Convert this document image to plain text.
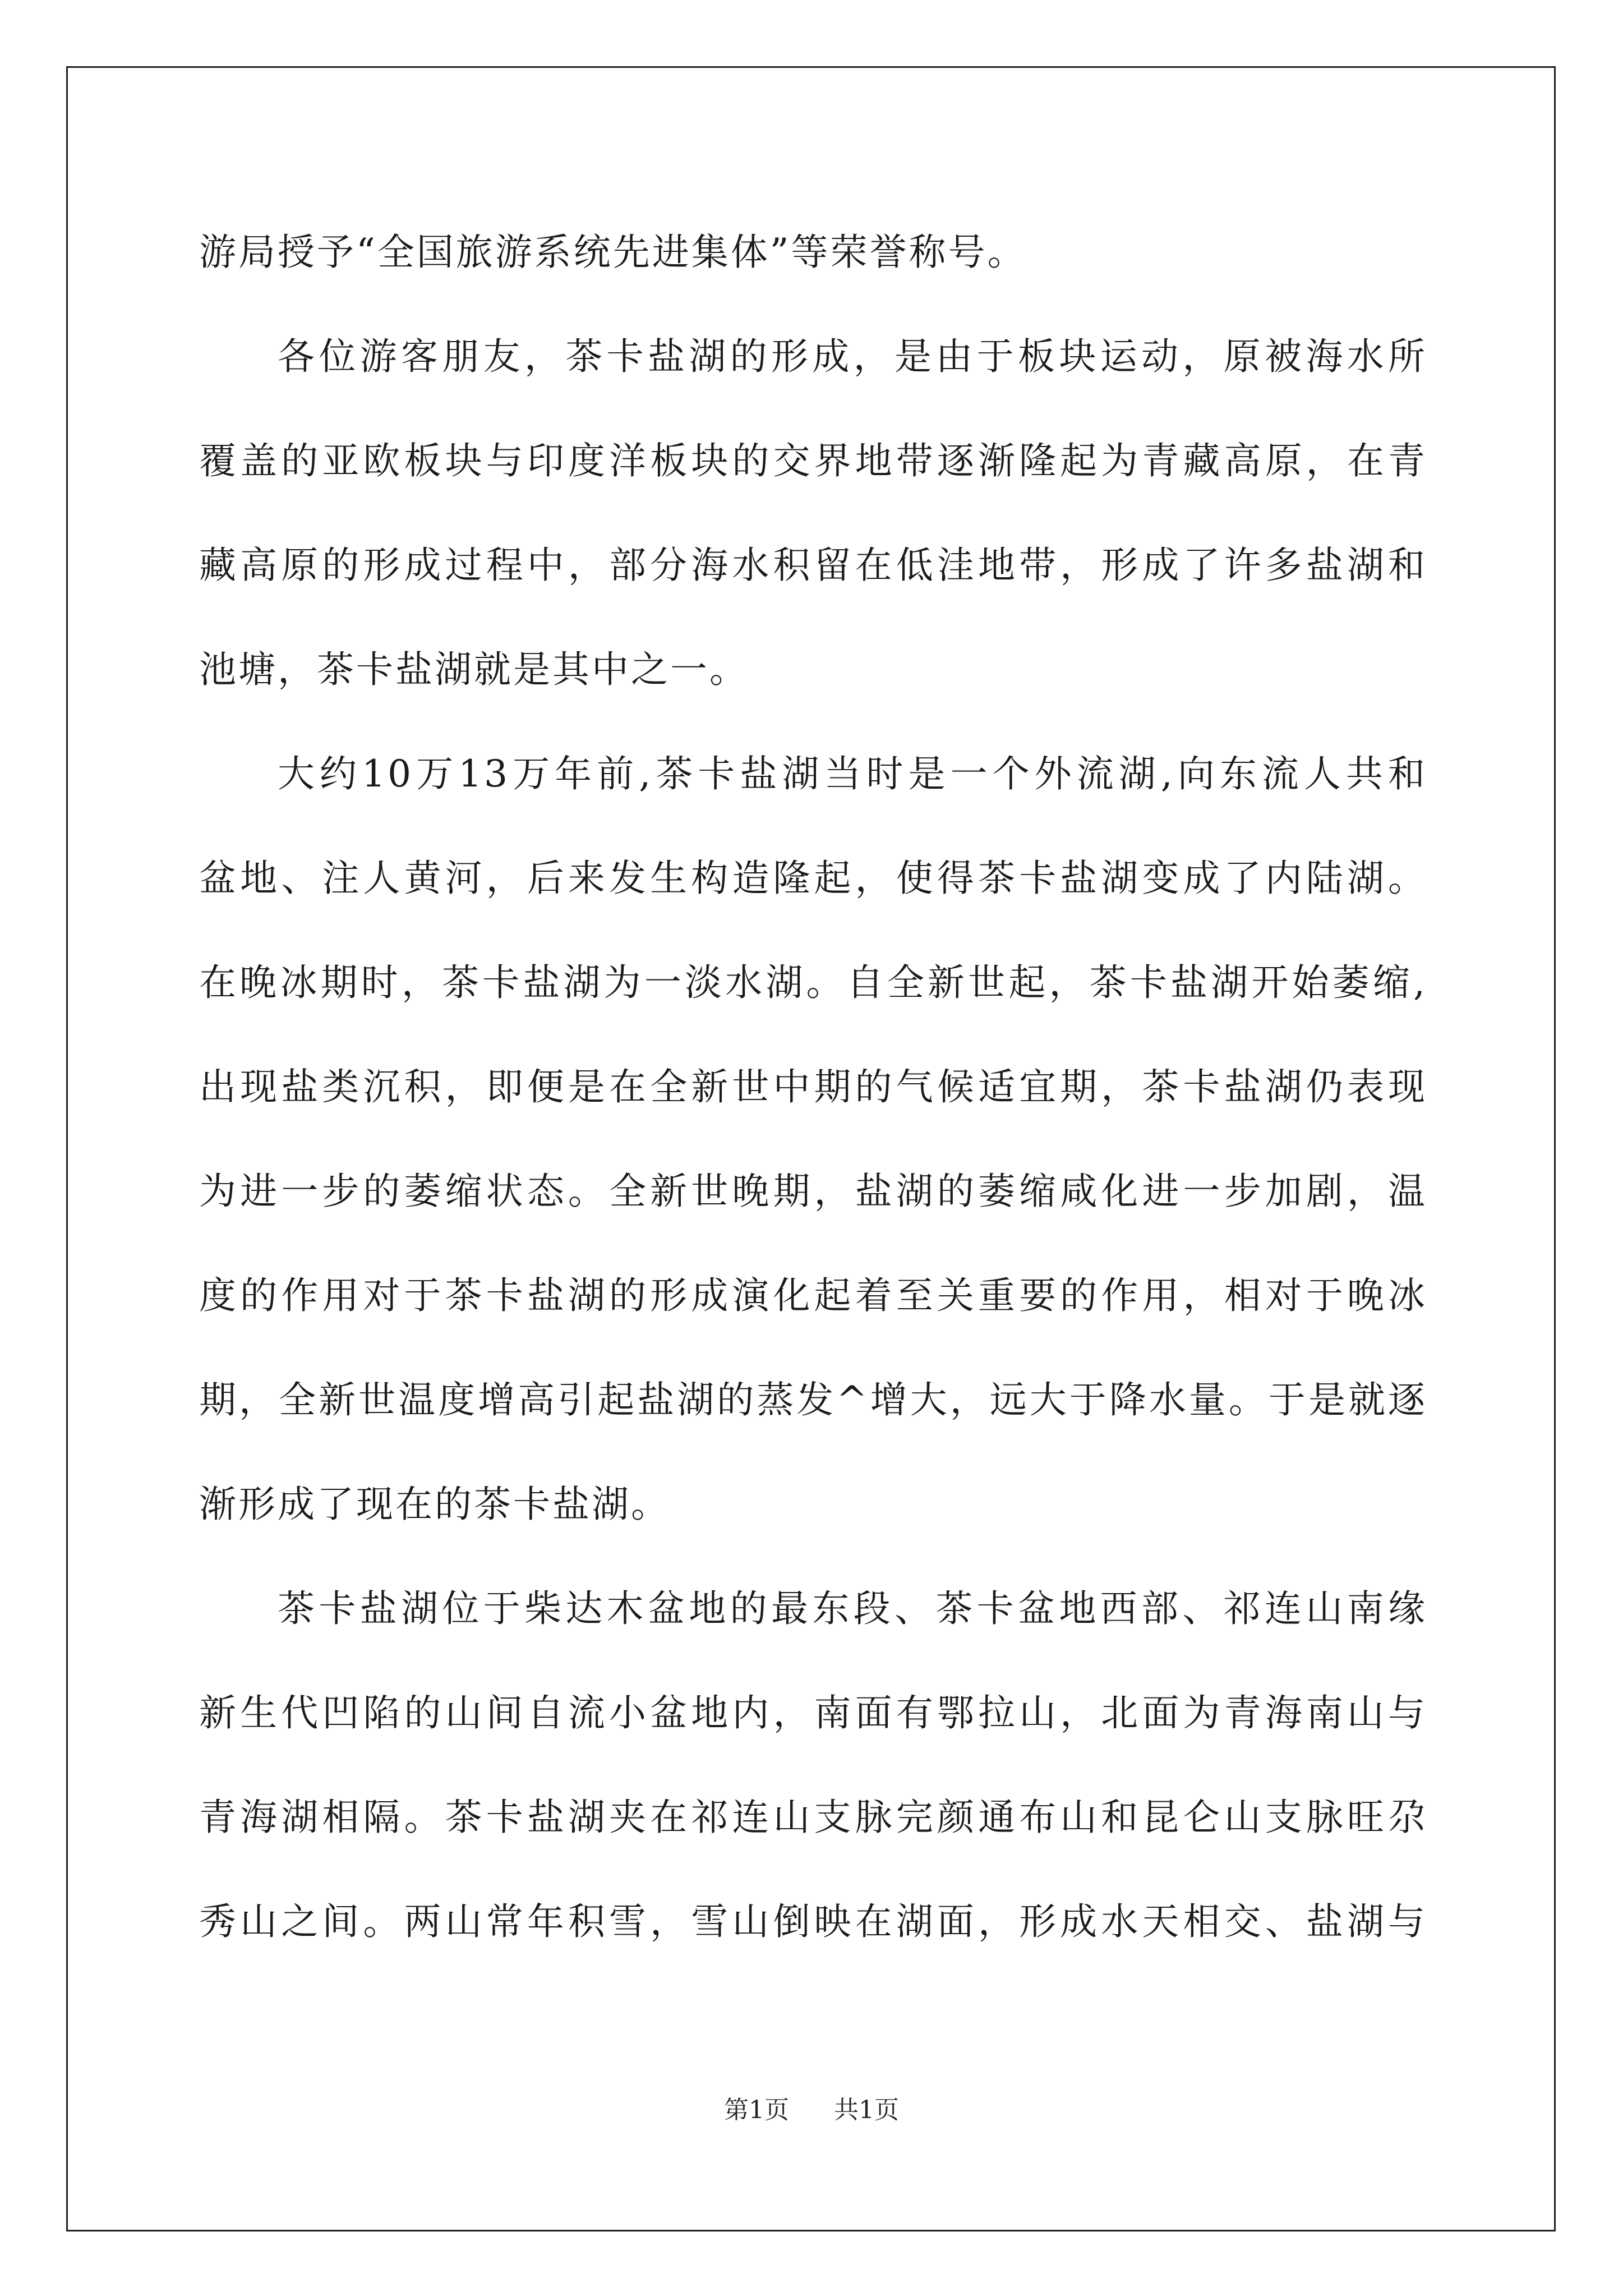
游局授予“全国旅游系统先进集体”等荣誉称号。
各位游客朋友，茶卡盐湖的形成，是由于板块运动，原被海水所
覆盖的亚欧板块与印度洋板块的交界地带逐渐隆起为青藏高原，在青
藏高原的形成过程中，部分海水积留在低洼地带，形成了许多盐湖和
池塘，茶卡盐湖就是其中之一。
大约10万13万年前,茶卡盐湖当时是一个外流湖,向东流人共和
盆地、注人黄河，后来发生构造隆起，使得茶卡盐湖变成了内陆湖。
在晚冰期时，茶卡盐湖为一淡水湖。自全新世起，茶卡盐湖开始萎缩,
出现盐类沉积，即便是在全新世中期的气候适宜期，茶卡盐湖仍表现
为进一步的萎缩状态。全新世晚期，盐湖的萎缩咸化进一步加剧，温
度的作用对于茶卡盐湖的形成演化起着至关重要的作用，相对于晚冰
期，全新世温度增高引起盐湖的蒸发^增大，远大于降水量。于是就逐
渐形成了现在的茶卡盐湖。
茶卡盐湖位于柴达木盆地的最东段、茶卡盆地西部、祁连山南缘
新生代凹陷的山间自流小盆地内，南面有鄂拉山，北面为青海南山与
青海湖相隔。茶卡盐湖夹在祁连山支脉完颜通布山和昆仑山支脉旺尕
秀山之间。两山常年积雪，雪山倒映在湖面，形成水天相交、盐湖与
第1页 共1页
